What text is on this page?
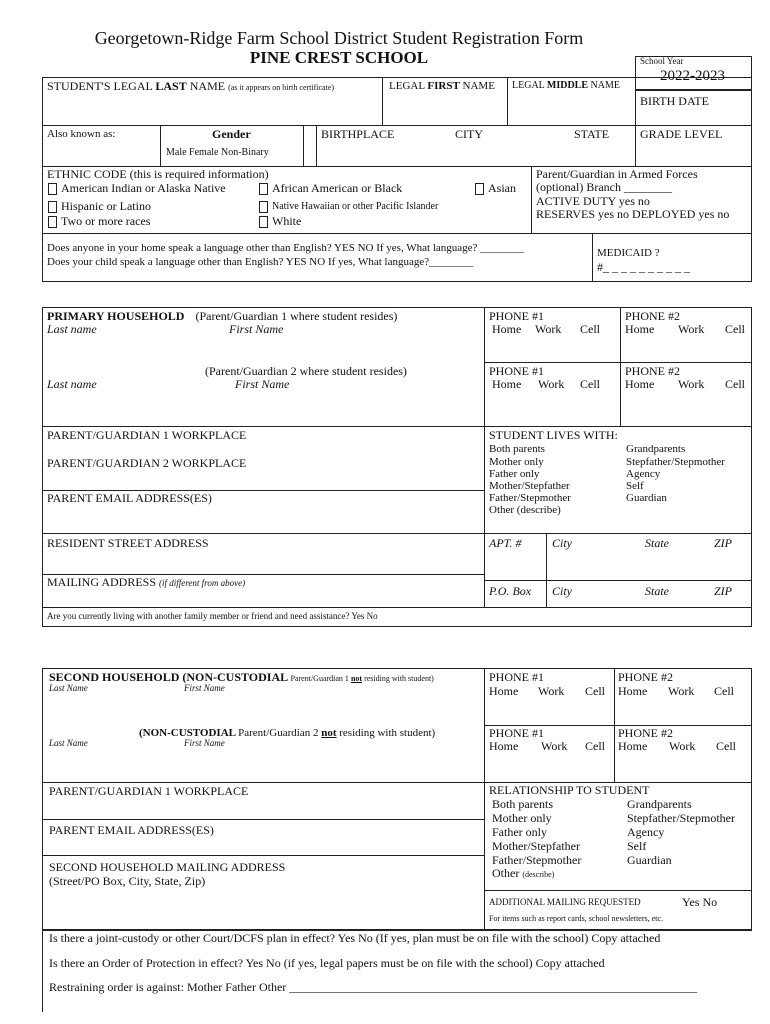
Georgetown-Ridge Farm School District Student Registration Form
PINE CREST SCHOOL	School Year
2022-2023
STUDENT'S LEGAL LAST NAME (as it appears on birth certificate)	LEGAL FIRST NAME LEGAL MIDDLE NAME
BIRTH DATE
Also known as:	Gender
Male Female Non-Binary
BIRTHPLACE	CITY	STATE	GRADE LEVEL
ETHNIC CODE (this is required information)
American Indian or Alaska Native	African American or Black	Asian
Hispanic or Latino	Native Hawaiian or other Pacific Islander
Two or more races	White
Parent/Guardian in Armed Forces
(optional) Branch ________
ACTIVE DUTY yes no
RESERVES yes no DEPLOYED yes no
Does anyone in your home speak a language other than English? YES NO If yes, What language? ________
Does your child speak a language other than English? YES NO If yes, What language?________
MEDICAID ?
#_ _ _ _ _ _ _ _ _ _
PRIMARY HOUSEHOLD (Parent/Guardian 1 where student resides)
Last name	First Name
(Parent/Guardian 2 where student resides)
Last name	First Name
PHONE #1
Home Work Cell
PHONE #2
Home Work Cell
PHONE #1
Home Work Cell
PHONE #2
Home Work Cell
PARENT/GUARDIAN 1 WORKPLACE
PARENT/GUARDIAN 2 WORKPLACE
PARENT EMAIL ADDRESS(ES)
STUDENT LIVES WITH:
Both parents
Mother only
Father only
Mother/Stepfather
Father/Stepmother
Other (describe)
Grandparents
Stepfather/Stepmother
Agency
Self
Guardian
RESIDENT STREET ADDRESS	APT. #	City	State	ZIP
MAILING ADDRESS (if different from above)
P.O. Box City	State	ZIP
Are you currently living with another family member or friend and need assistance? Yes No
SECOND HOUSEHOLD (NON-CUSTODIAL Parent/Guardian 1 not residing with student)
Last Name	First Name
(NON-CUSTODIAL Parent/Guardian 2 not residing with student)
Last Name	First Name
PHONE #1
Home Work Cell
PHONE #2
Home Work Cell
PHONE #1
Home Work Cell
PHONE #2
Home Work Cell
PARENT/GUARDIAN 1 WORKPLACE
PARENT EMAIL ADDRESS(ES)
SECOND HOUSEHOLD MAILING ADDRESS
(Street/PO Box, City, State, Zip)
RELATIONSHIP TO STUDENT
Both parents
Mother only
Father only
Mother/Stepfather
Father/Stepmother
Other (describe)
Grandparents
Stepfather/Stepmother
Agency
Self
Guardian
ADDITIONAL MAILING REQUESTED	Yes No
For items such as report cards, school newsletters, etc.
Is there a joint-custody or other Court/DCFS plan in effect? Yes No (If yes, plan must be on file with the school) Copy attached
Is there an Order of Protection in effect? Yes No (if yes, legal papers must be on file with the school) Copy attached
Restraining order is against: Mother Father Other ____________________________________________________________________
